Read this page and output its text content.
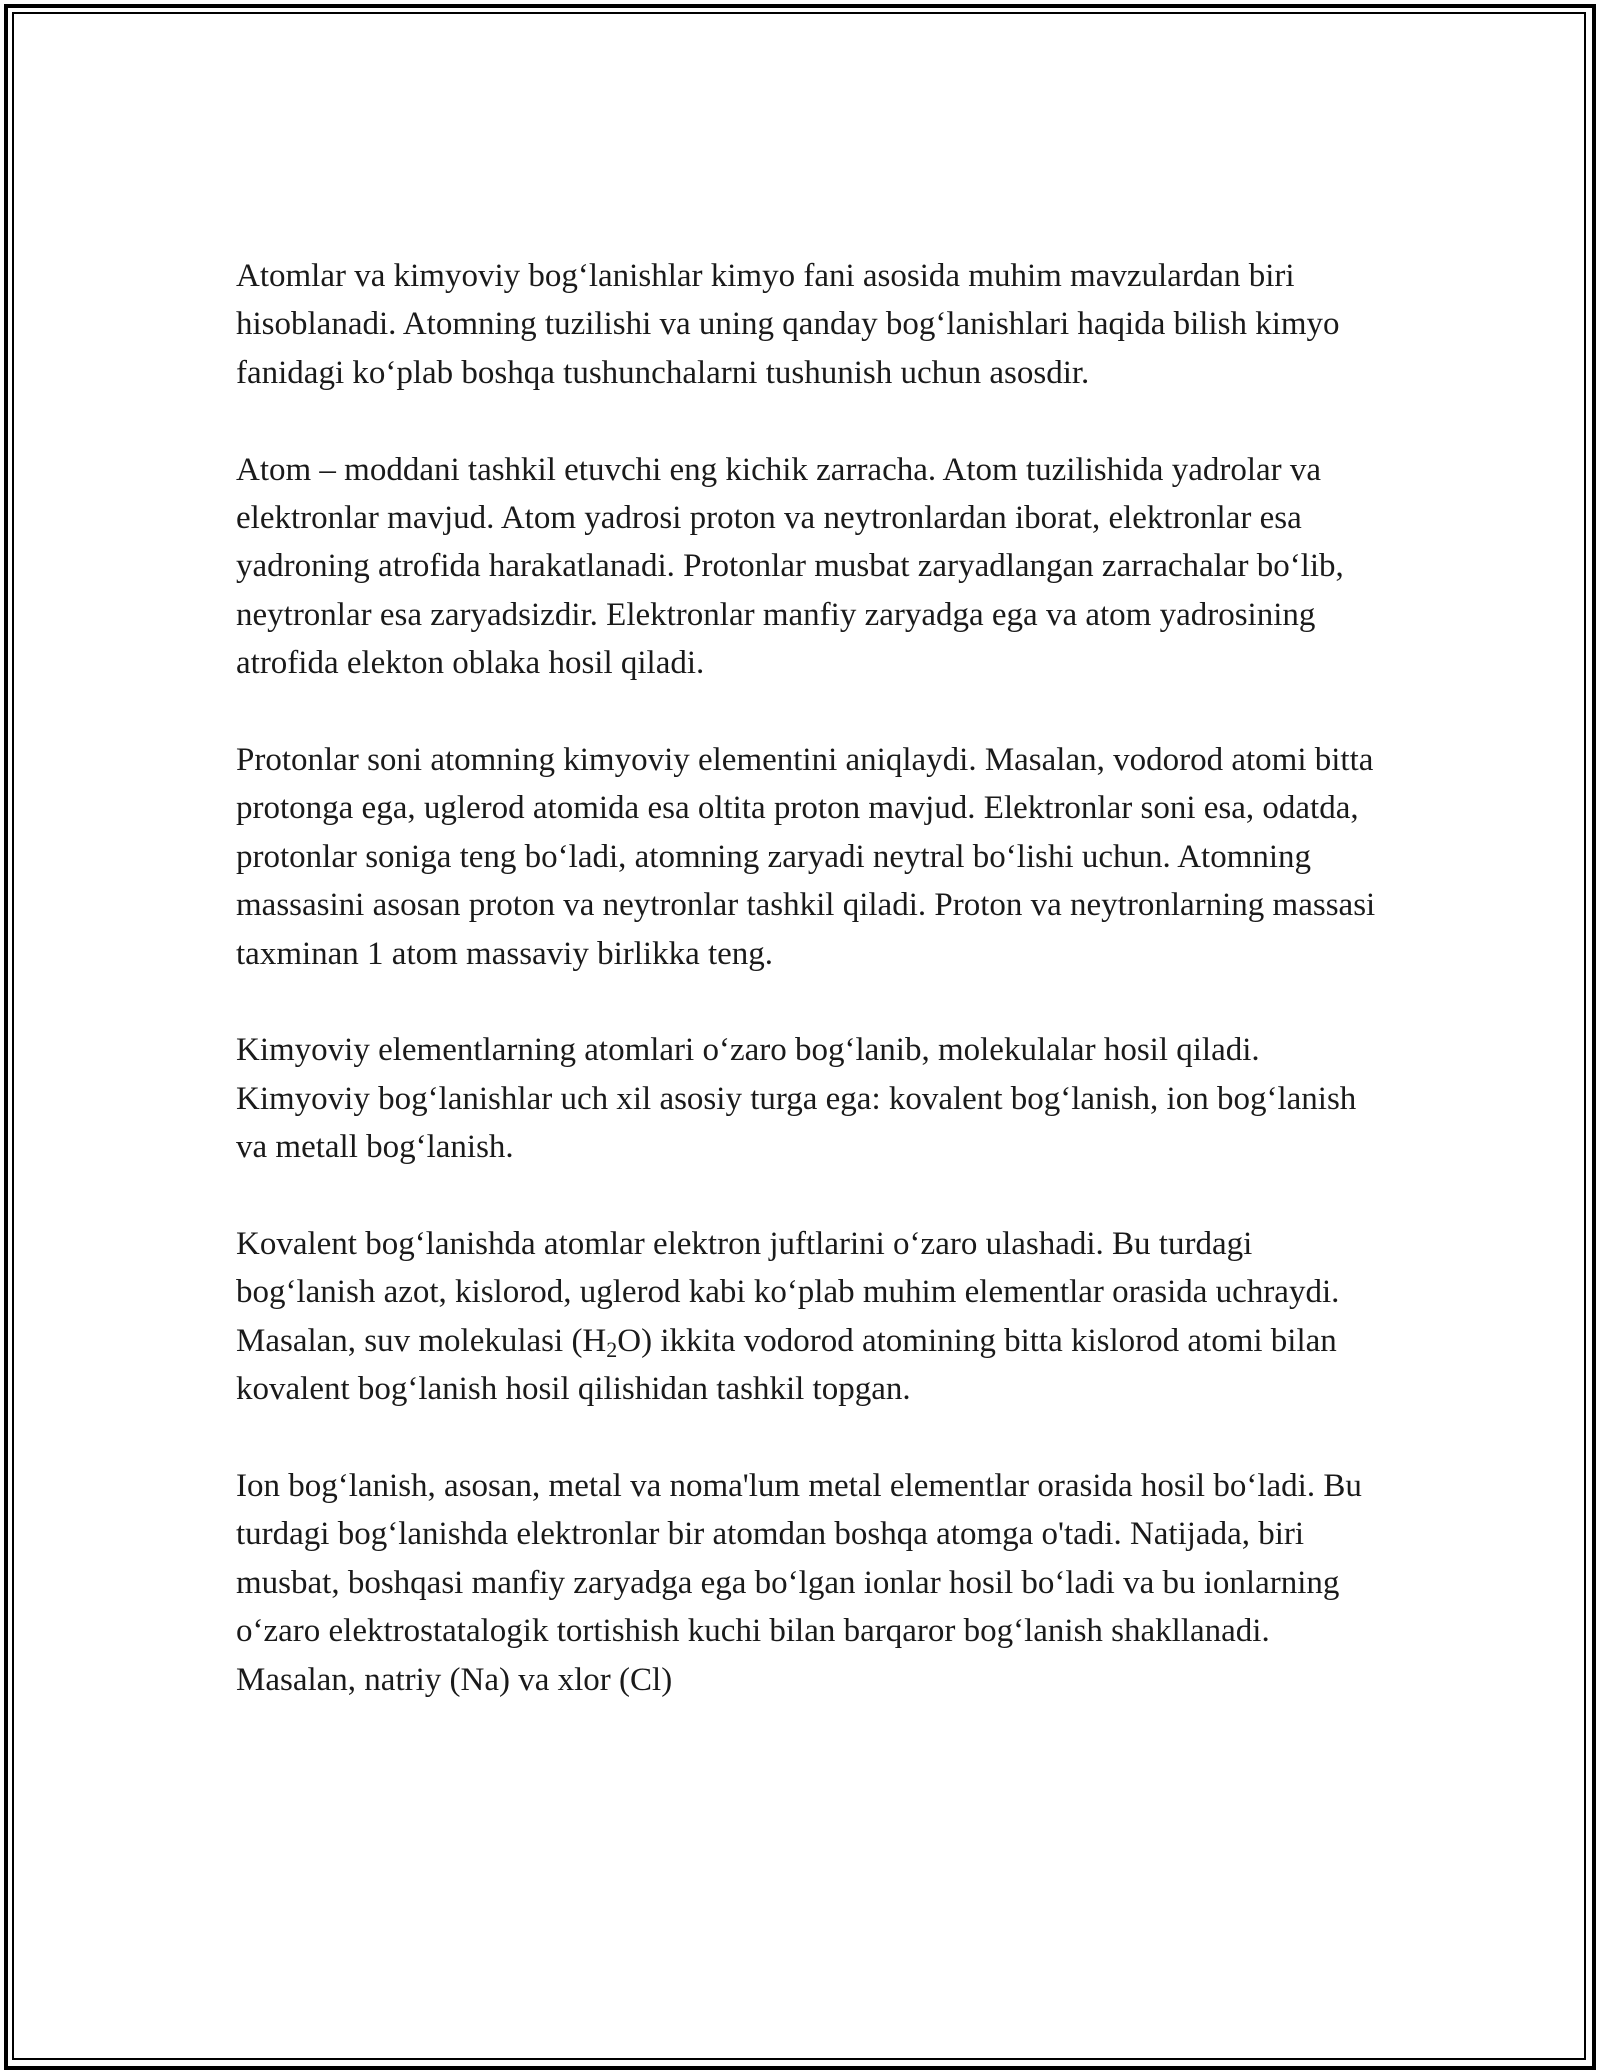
Atomlar va kimyoviy bog‘lanishlar kimyo fani asosida muhim mavzulardan biri hisoblanadi. Atomning tuzilishi va uning qanday bog‘lanishlari haqida bilish kimyo fanidagi ko‘plab boshqa tushunchalarni tushunish uchun asosdir.

Atom – moddani tashkil etuvchi eng kichik zarracha. Atom tuzilishida yadrolar va elektronlar mavjud. Atom yadrosi proton va neytronlardan iborat, elektronlar esa yadroning atrofida harakatlanadi. Protonlar musbat zaryadlangan zarrachalar bo‘lib, neytronlar esa zaryadsizdir. Elektronlar manfiy zaryadga ega va atom yadrosining atrofida elekton oblaka hosil qiladi.

Protonlar soni atomning kimyoviy elementini aniqlaydi. Masalan, vodorod atomi bitta protonga ega, uglerod atomida esa oltita proton mavjud. Elektronlar soni esa, odatda, protonlar soniga teng bo‘ladi, atomning zaryadi neytral bo‘lishi uchun. Atomning massasini asosan proton va neytronlar tashkil qiladi. Proton va neytronlarning massasi taxminan 1 atom massaviy birlikka teng.

Kimyoviy elementlarning atomlari o‘zaro bog‘lanib, molekulalar hosil qiladi. Kimyoviy bog‘lanishlar uch xil asosiy turga ega: kovalent bog‘lanish, ion bog‘lanish va metall bog‘lanish.

Kovalent bog‘lanishda atomlar elektron juftlarini o‘zaro ulashadi. Bu turdagi bog‘lanish azot, kislorod, uglerod kabi ko‘plab muhim elementlar orasida uchraydi. Masalan, suv molekulasi $(H_2O)$ ikkita vodorod atomining bitta kislorod atomi bilan kovalent bog‘lanish hosil qilishidan tashkil topgan.

Ion bog‘lanish, asosan, metal va noma'lum metal elementlar orasida hosil bo‘ladi. Bu turdagi bog‘lanishda elektronlar bir atomdan boshqa atomga o'tadi. Natijada, biri musbat, boshqasi manfiy zaryadga ega bo‘lgan ionlar hosil bo‘ladi va bu ionlarning o‘zaro elektrostatalogik tortishish kuchi bilan barqaror bog‘lanish shakllanadi. Masalan, natriy (Na) va xlor (Cl)
